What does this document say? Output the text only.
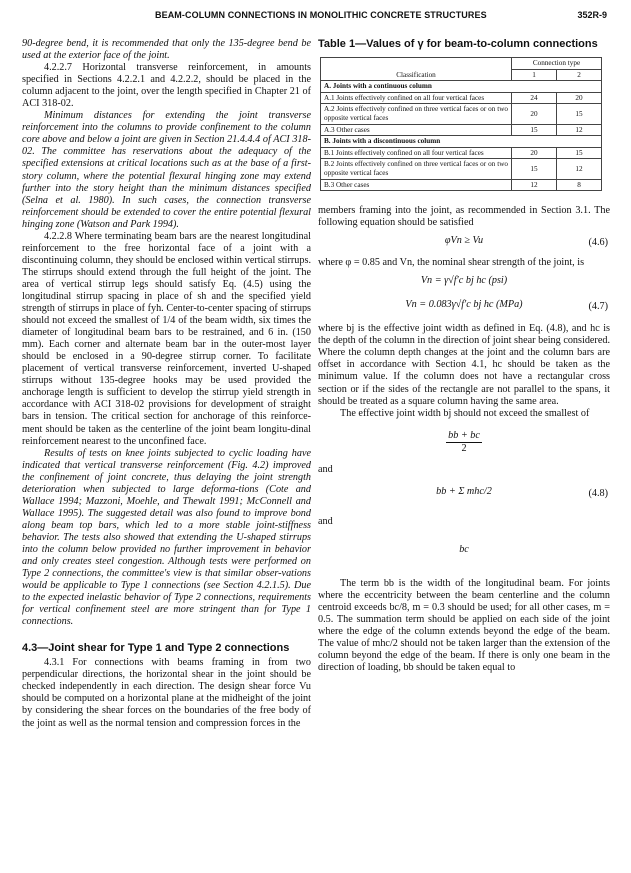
BEAM-COLUMN CONNECTIONS IN MONOLITHIC CONCRETE STRUCTURES	352R-9

90-degree bend, it is recommended that only the 135-degree bend be used at the exterior face of the joint.

4.2.2.7 Horizontal transverse reinforcement, in amounts specified in Sections 4.2.2.1 and 4.2.2.2, should be placed in the column adjacent to the joint, over the length specified in Chapter 21 of ACI 318-02.

Minimum distances for extending the joint transverse reinforcement into the columns to provide confinement to the column core above and below a joint are given in Section 21.4.4.4 of ACI 318-02. The committee has reservations about the adequacy of the specified extensions at critical locations such as at the base of a first-story column, where the potential flexural hinging zone may extend further into the story height than the minimum distances specified (Selna et al. 1980). In such cases, the connection transverse reinforcement should be extended to cover the entire potential flexural hinging zone (Watson and Park 1994).

4.2.2.8 Where terminating beam bars are the nearest longitudinal reinforcement to the free horizontal face of a joint with a discontinuing column, they should be enclosed within vertical stirrups. The stirrups should extend through the full height of the joint. The area of vertical stirrup legs should satisfy Eq. (4.5) using the longitudinal stirrup spacing in place of sh and the specified yield strength of stirrups in place of fyh. Center-to-center spacing of stirrups should not exceed the smallest of 1/4 of the beam width, six times the diameter of longitudinal beam bars to be restrained, and 6 in. (150 mm). Each corner and alternate beam bar in the outer-most layer should be enclosed in a 90-degree stirrup corner. To facilitate placement of vertical transverse reinforcement, inverted U-shaped stirrups without 135-degree hooks may be used provided the anchorage length is sufficient to develop the stirrup yield strength in accordance with ACI 318-02 provisions for development of straight bars in tension. The critical section for anchorage of this reinforce-ment should be taken as the centerline of the joint beam longitu-dinal reinforcement nearest to the unconfined face.

Results of tests on knee joints subjected to cyclic loading have indicated that vertical transverse reinforcement (Fig. 4.2) improved the confinement of joint concrete, thus delaying the joint strength deterioration when subjected to large deforma-tions (Cote and Wallace 1994; Mazzoni, Moehle, and Thewalt 1991; McConnell and Wallace 1995). The suggested detail was also found to improve bond along beam top bars, which led to a more stable joint-stiffness behavior. The tests also showed that extending the U-shaped stirrups into the column below provided no further improvement in behavior and only creates steel congestion. Although tests were performed on Type 2 connections, the committee's view is that similar obser-vations would be applicable to Type 1 connections (see Section 4.2.1.5). Due to the expected inelastic behavior of Type 2 connections, requirements for vertical confinement steel are more stringent than for Type 1 connections.

4.3—Joint shear for Type 1 and Type 2 connections

4.3.1 For connections with beams framing in from two perpendicular directions, the horizontal shear in the joint should be checked independently in each direction. The design shear force Vu should be computed on a horizontal plane at the midheight of the joint by considering the shear forces on the boundaries of the free body of the joint as well as the normal tension and compression forces in the

Table 1—Values of γ for beam-to-column connections
Classification	Connection type	
	1	2
A. Joints with a continuous column		
A.1 Joints effectively confined on all four vertical faces	24	20
A.2 Joints effectively confined on three vertical faces or on two opposite vertical faces	20	15
A.3 Other cases	15	12
B. Joints with a discontinuous column		
B.1 Joints effectively confined on all four vertical faces	20	15
B.2 Joints effectively confined on three vertical faces or on two opposite vertical faces	15	12
B.3 Other cases	12	8

members framing into the joint, as recommended in Section 3.1. The following equation should be satisfied

φVn ≥ Vu	(4.6)

where φ = 0.85 and Vn, the nominal shear strength of the joint, is

Vn = γ√f′c bj hc (psi)
Vn = 0.083γ√f′c bj hc (MPa)	(4.7)

where bj is the effective joint width as defined in Eq. (4.8), and hc is the depth of the column in the direction of joint shear being considered. Where the column depth changes at the joint and the column bars are offset in accordance with Section 4.1, hc should be taken as the minimum value. If the column does not have a rectangular cross section or if the sides of the rectangle are not parallel to the spans, it should be treated as a square column having the same area.

The effective joint width bj should not exceed the smallest of

bb + bc
2
and
bb + Σ mhc/2	(4.8)
and
bc

The term bb is the width of the longitudinal beam. For joints where the eccentricity between the beam centerline and the column centroid exceeds bc/8, m = 0.3 should be used; for all other cases, m = 0.5. The summation term should be applied on each side of the joint where the edge of the column extends beyond the edge of the beam. The value of mhc/2 should not be taken larger than the extension of the column beyond the edge of the beam. If there is only one beam in the direction of loading, bb should be taken equal to
